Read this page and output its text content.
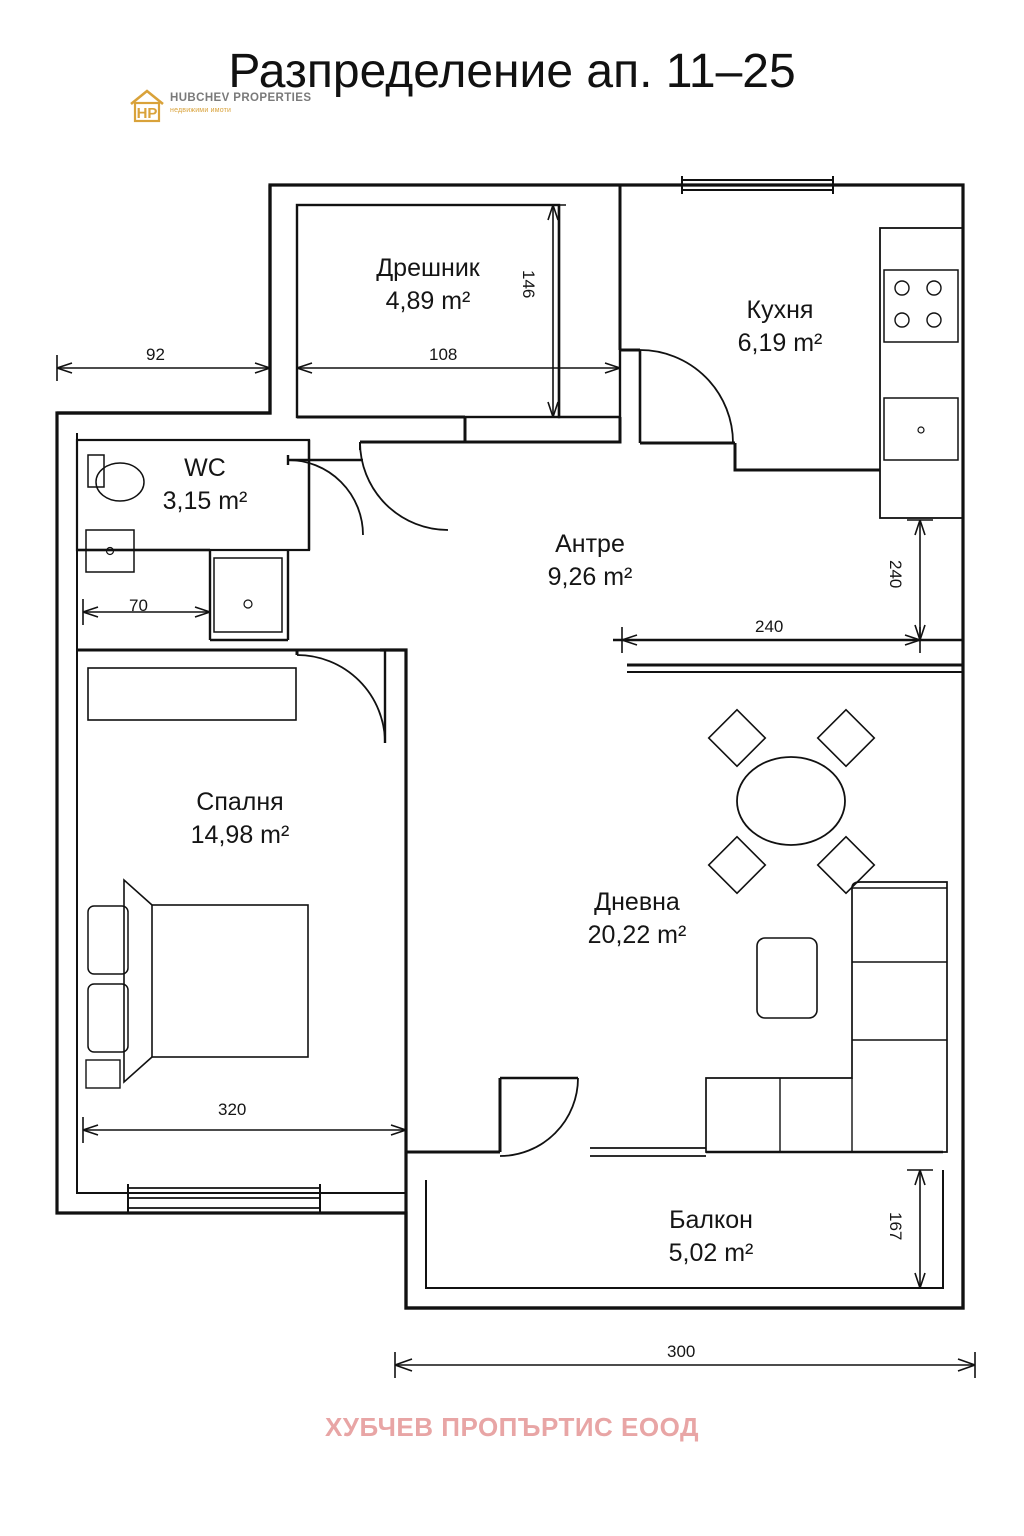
Разпределение ап. 11–25
HP
HUBCHEV PROPERTIES
недвижими имоти
Дрешник
4,89 m²	Кухня
6,19 m²
WC
3,15 m²
Антре
9,26 m²
Спалня
14,98 m²
Дневна
20,22 m²
Балкон
5,02 m²
92	108
146
70
240
240
320
167
300
ХУБЧЕВ ПРОПЪРТИС ЕООД
